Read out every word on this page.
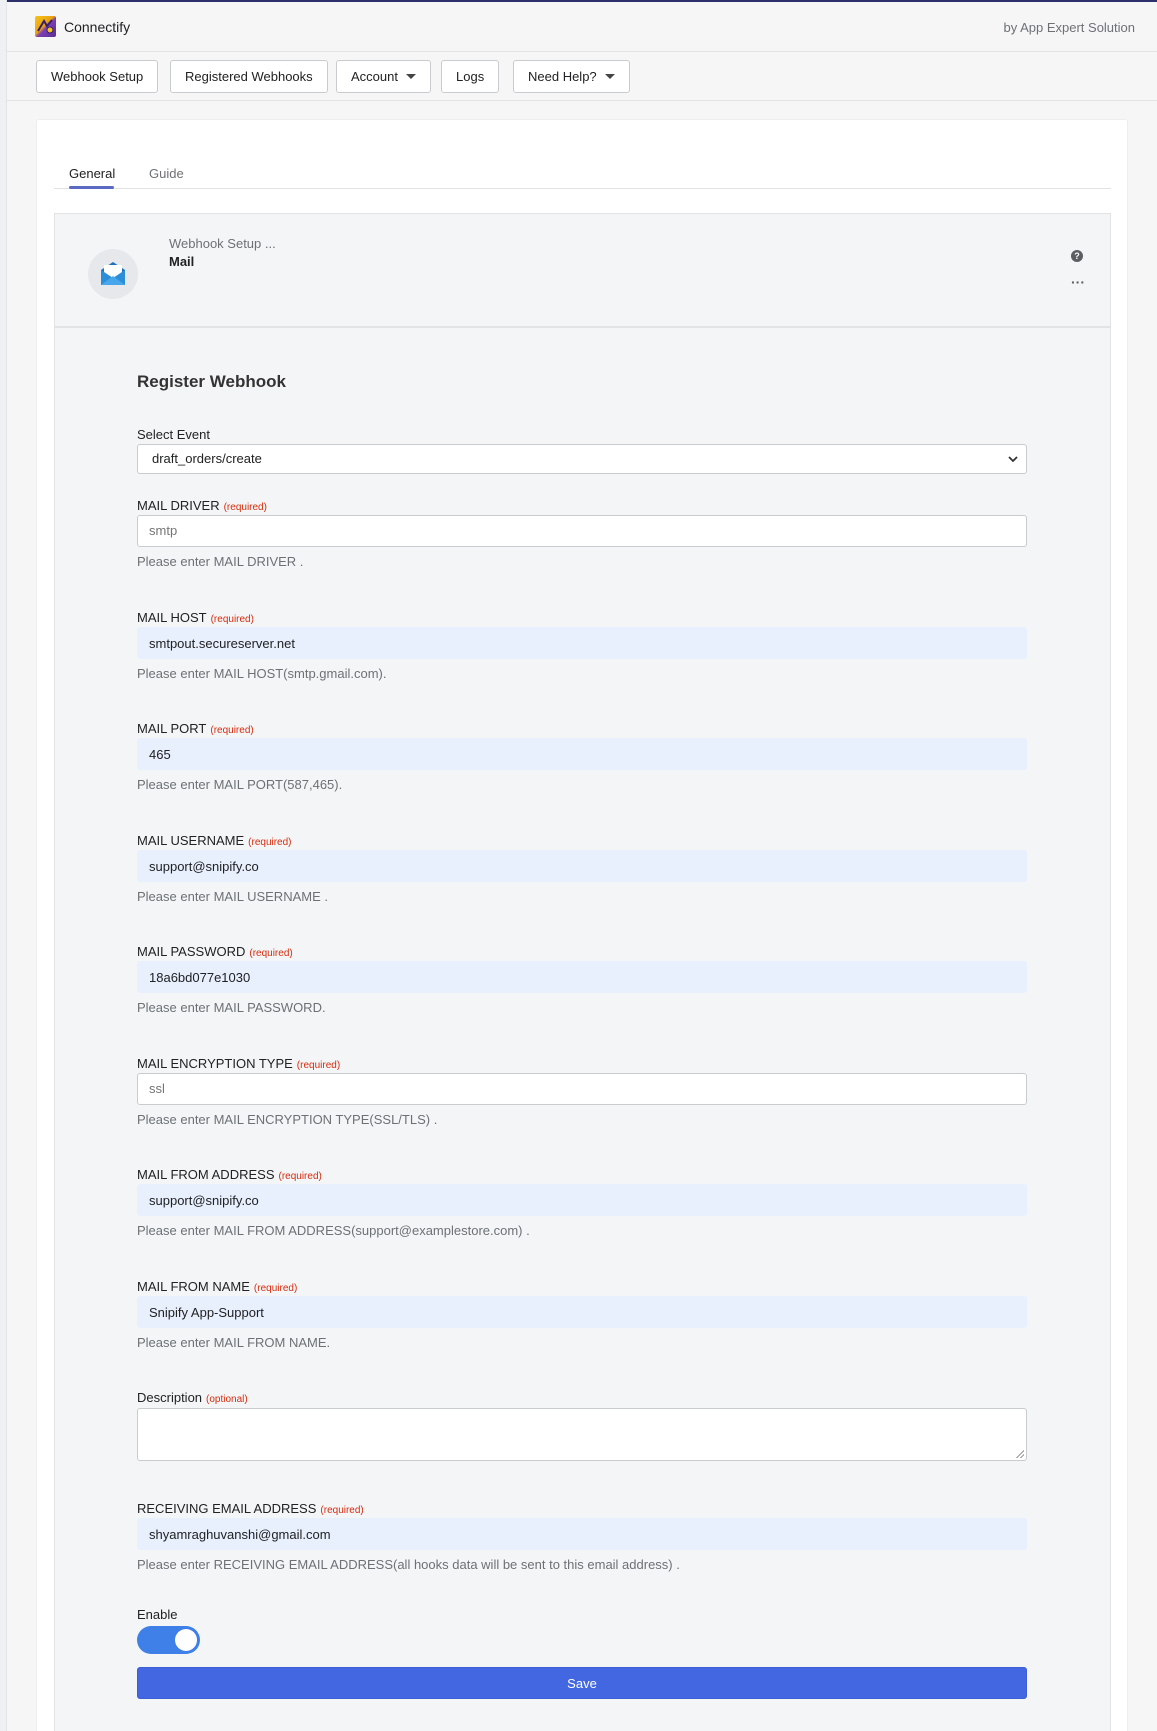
Connectify	by App Expert Solution
Webhook Setup	Registered Webhooks	Account	Logs	Need Help?
General	Guide
Webhook Setup ...
Mail	?
···
Register Webhook
Select Event
draft_orders/create
MAIL DRIVER (required)
smtp
Please enter MAIL DRIVER .
MAIL HOST (required)
smtpout.secureserver.net
Please enter MAIL HOST(smtp.gmail.com).
MAIL PORT (required)
465
Please enter MAIL PORT(587,465).
MAIL USERNAME (required)
support@snipify.co
Please enter MAIL USERNAME .
MAIL PASSWORD (required)
18a6bd077e1030
Please enter MAIL PASSWORD.
MAIL ENCRYPTION TYPE (required)
ssl
Please enter MAIL ENCRYPTION TYPE(SSL/TLS) .
MAIL FROM ADDRESS (required)
support@snipify.co
Please enter MAIL FROM ADDRESS(support@examplestore.com) .
MAIL FROM NAME (required)
Snipify App-Support
Please enter MAIL FROM NAME.
Description (optional)
RECEIVING EMAIL ADDRESS (required)
shyamraghuvanshi@gmail.com
Please enter RECEIVING EMAIL ADDRESS(all hooks data will be sent to this email address) .
Enable
Save
